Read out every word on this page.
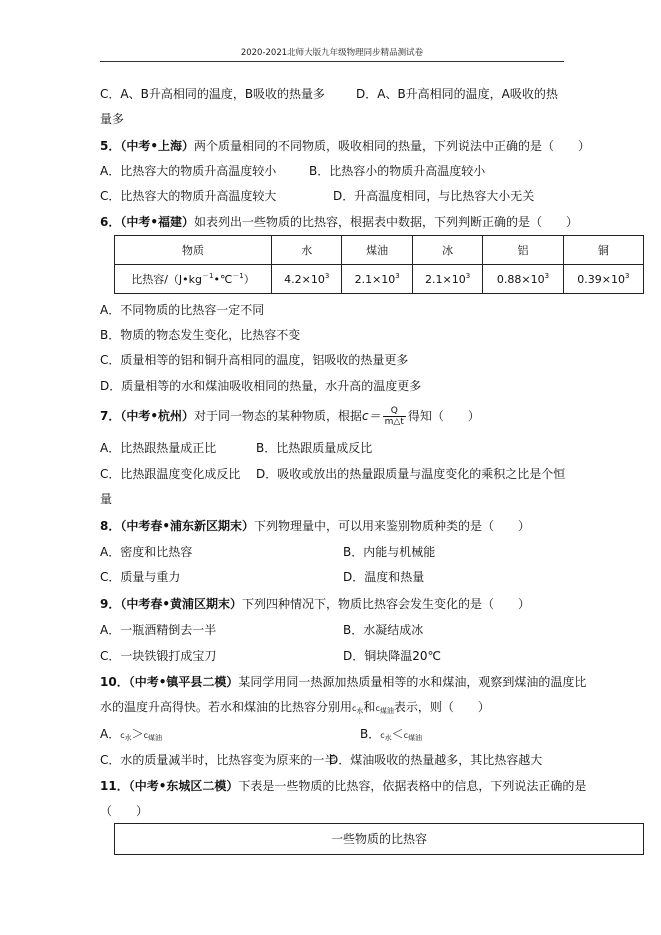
2020-2021北师大版九年级物理同步精品测试卷
C．A、B升高相同的温度，B吸收的热量多	D．A、B升高相同的温度，A吸收的热
量多
5．（中考•上海）两个质量相同的不同物质，吸收相同的热量，下列说法中正确的是（　　）
A．比热容大的物质升高温度较小	B．比热容小的物质升高温度较小
C．比热容大的物质升高温度较大	D．升高温度相同，与比热容大小无关
6．（中考•福建）如表列出一些物质的比热容，根据表中数据，下列判断正确的是（　　）
物质	水	煤油	冰	铝	铜
比热容$/(J•kg^{-1}•℃^{-1})$	$4.2\times 10^3$	$2.1\times 10^3$	$2.1\times 10^3$	$0.88\times 10^3$	$0.39\times 10^3$
A．不同物质的比热容一定不同
B．物质的物态发生变化，比热容不变
C．质量相等的铝和铜升高相同的温度，铝吸收的热量更多
D．质量相等的水和煤油吸收相同的热量，水升高的温度更多
7．（中考•杭州）对于同一物态的某种物质，根据$c= \frac{Q}{m\triangle t}$ 得知（　　）
A．比热跟热量成正比	B．比热跟质量成反比
C．比热跟温度变化成反比 D．吸收或放出的热量跟质量与温度变化的乘积之比是个恒
量
8．（中考春•浦东新区期末）下列物理量中，可以用来鉴别物质种类的是（　　）
A．密度和比热容	B．内能与机械能
C．质量与重力	D．温度和热量
9．（中考春•黄浦区期末）下列四种情况下，物质比热容会发生变化的是（　　）
A．一瓶酒精倒去一半	B．水凝结成冰
C．一块铁锻打成宝刀	D．铜块降温20℃
10．（中考•镇平县二模）某同学用同一热源加热质量相等的水和煤油，观察到煤油的温度比
水的温度升高得快。若水和煤油的比热容分别用$c_水$和$c_{煤油}$表示，则（　　）
A．$c_水>c_{煤油}$	B．$c_水<c_{煤油}$
C．水的质量减半时，比热容变为原来的一半
D．煤油吸收的热量越多，其比热容越大
11．（中考•东城区二模）下表是一些物质的比热容，依据表格中的信息，下列说法正确的是
（　　）
一些物质的比热容
